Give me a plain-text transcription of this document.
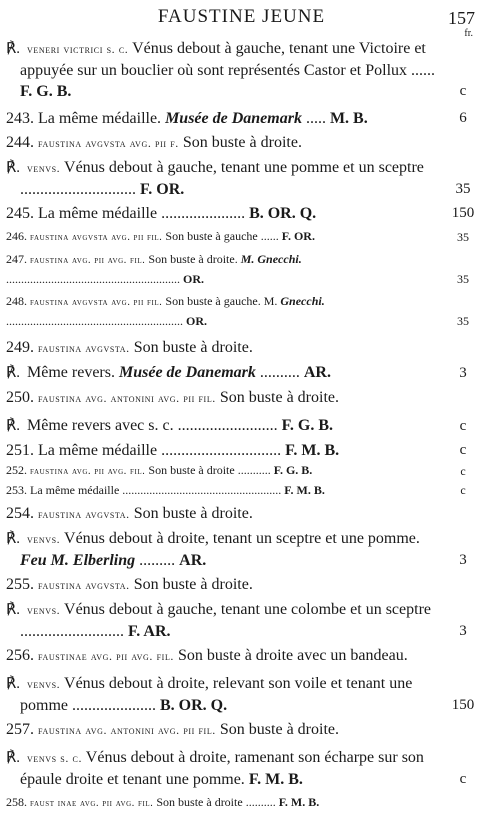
FAUSTINE JEUNE	157
fr.
℟. veneri victrici s. c. Vénus debout à gauche, tenant une Victoire et appuyée sur un bouclier où sont représentés Castor et Pollux ...... F. G. B.	c
243. La même médaille. Musée de Danemark ..... M. B.	6
244. faustina avgvsta avg. pii f. Son buste à droite.
℟. venvs. Vénus debout à gauche, tenant une pomme et un sceptre ............................. F. OR.	35
245. La même médaille ..................... B. OR. Q.	150
246. faustina avgvsta avg. pii fil. Son buste à gauche ...... F. OR.	35
247. faustina avg. pii avg. fil. Son buste à droite. M. Gnecchi. .......................................................... OR.	35
248. faustina avgvsta avg. pii fil. Son buste à gauche. M. Gnecchi. ........................................................... OR.	35
249. faustina avgvsta. Son buste à droite.
℟. Même revers. Musée de Danemark .......... AR.	3
250. faustina avg. antonini avg. pii fil. Son buste à droite.
℟. Même revers avec s. c. ......................... F. G. B.	c
251. La même médaille .............................. F. M. B.	c
252. faustina avg. pii avg. fil. Son buste à droite ........... F. G. B.	c
253. La même médaille ..................................................... F. M. B.	c
254. faustina avgvsta. Son buste à droite.
℟. venvs. Vénus debout à droite, tenant un sceptre et une pomme. Feu M. Elberling ......... AR.	3
255. faustina avgvsta. Son buste à droite.
℟. venvs. Vénus debout à gauche, tenant une colombe et un sceptre .......................... F. AR.	3
256. faustinae avg. pii avg. fil. Son buste à droite avec un bandeau.
℟. venvs. Vénus debout à droite, relevant son voile et tenant une pomme ..................... B. OR. Q.	150
257. faustina avg. antonini avg. pii fil. Son buste à droite.
℟. venvs s. c. Vénus debout à droite, ramenant son écharpe sur son épaule droite et tenant une pomme. F. M. B.	c
258. faust inae avg. pii avg. fil. Son buste à droite .......... F. M. B.
